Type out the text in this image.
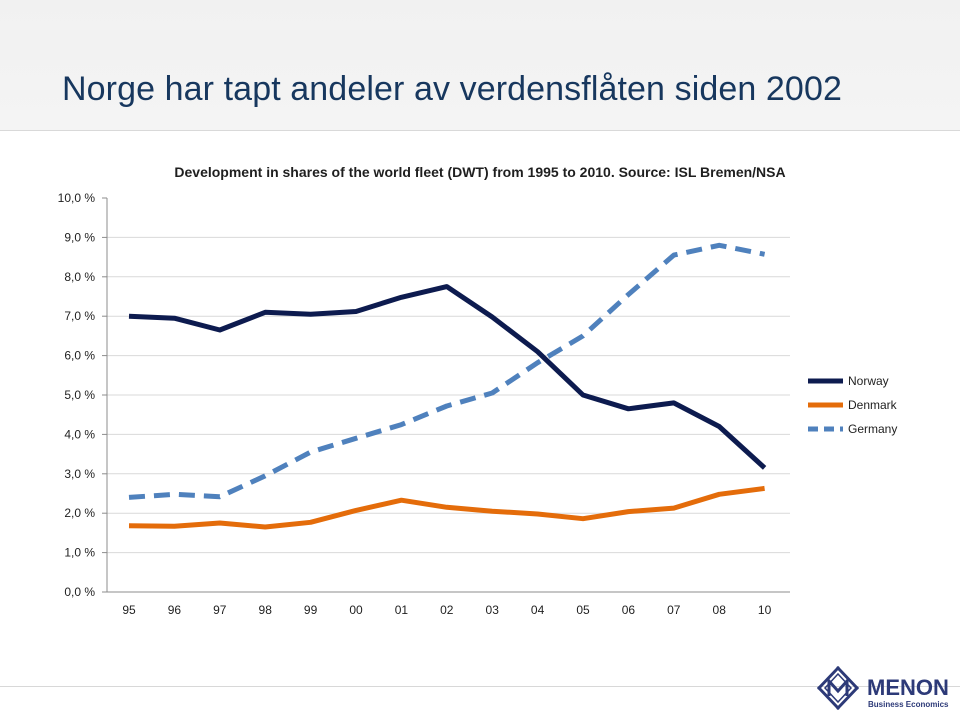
Norge har tapt andeler av verdensflåten siden 2002
Development in shares of the world fleet (DWT) from 1995 to 2010. Source: ISL Bremen/NSA
0,0 %
1,0 %
2,0 %
3,0 %
4,0 %
5,0 %
6,0 %
7,0 %
8,0 %
9,0 %
10,0 %
95	96	97	98	99	00	01	02	03	04	05	06	07	08	10
Norway
Denmark
Germany
MENON
Business Economics
